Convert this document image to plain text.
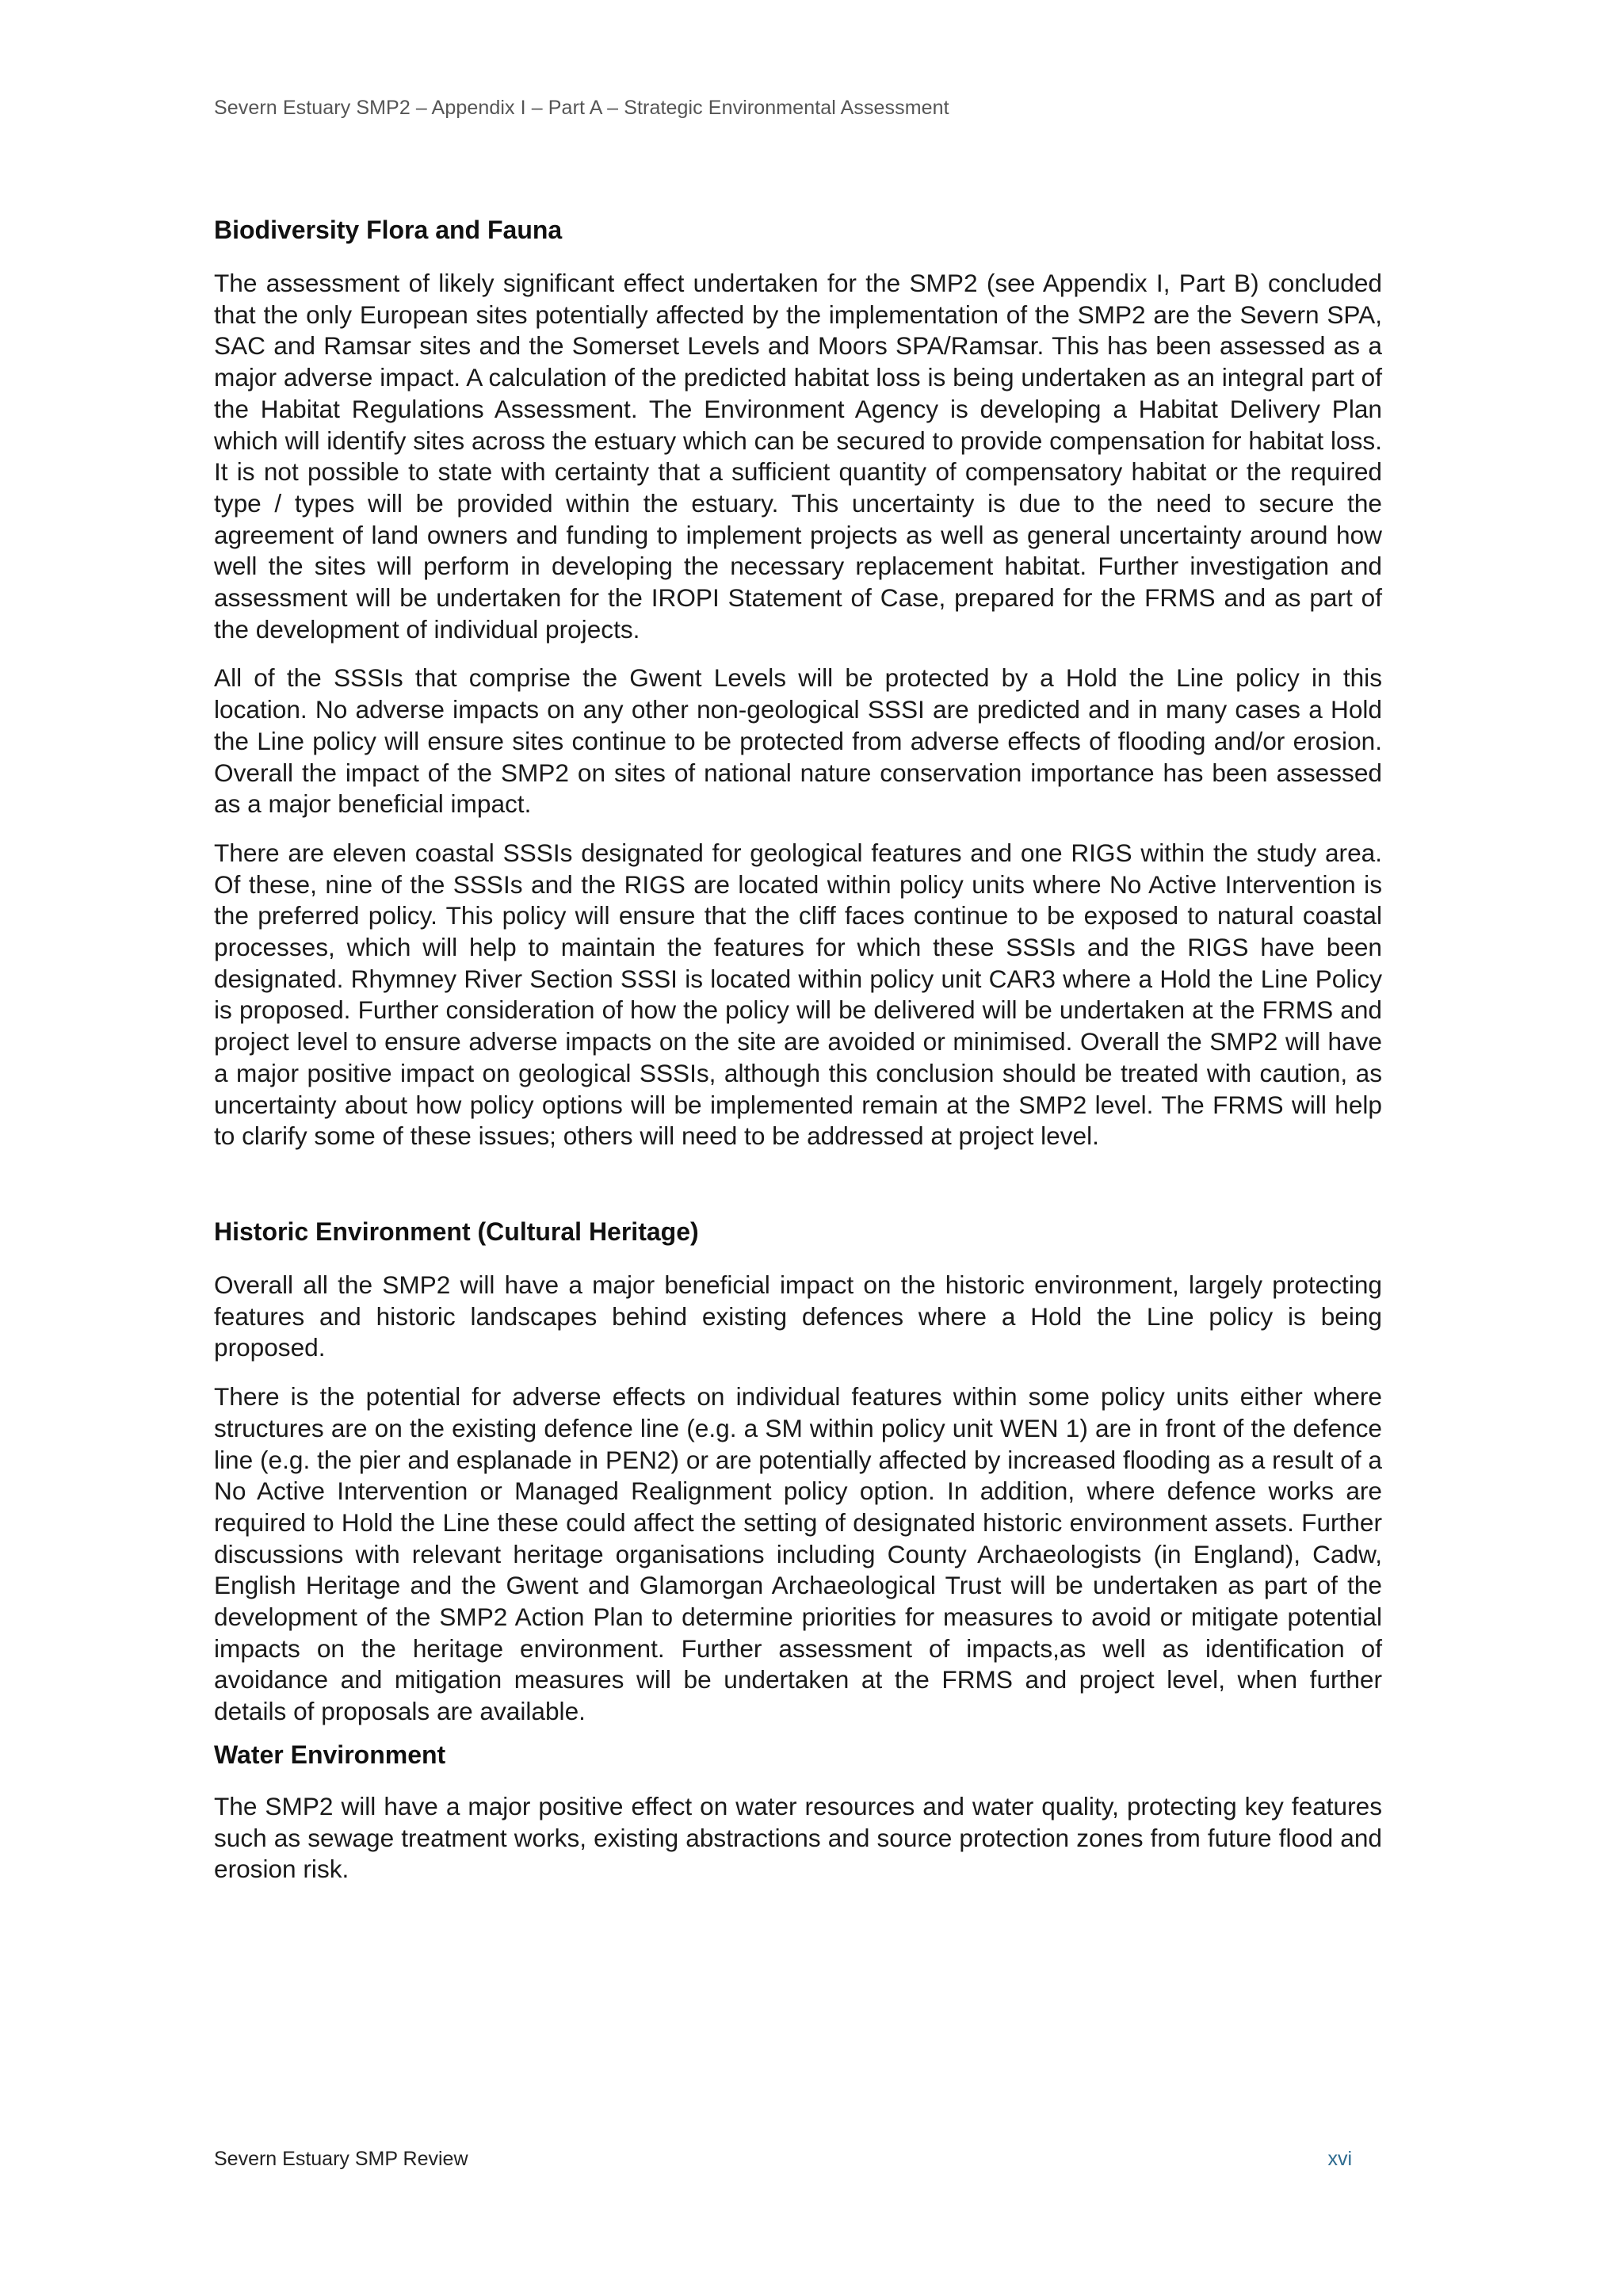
Severn Estuary SMP2 – Appendix I – Part A – Strategic Environmental Assessment
Biodiversity Flora and Fauna

The assessment of likely significant effect undertaken for the SMP2 (see Appendix I, Part B) concluded that the only European sites potentially affected by the implementation of the SMP2 are the Severn SPA, SAC and Ramsar sites and the Somerset Levels and Moors SPA/Ramsar. This has been assessed as a major adverse impact. A calculation of the predicted habitat loss is being undertaken as an integral part of the Habitat Regulations Assessment. The Environment Agency is developing a Habitat Delivery Plan which will identify sites across the estuary which can be secured to provide compensation for habitat loss. It is not possible to state with certainty that a sufficient quantity of compensatory habitat or the required type / types will be provided within the estuary. This uncertainty is due to the need to secure the agreement of land owners and funding to implement projects as well as general uncertainty around how well the sites will perform in developing the necessary replacement habitat. Further investigation and assessment will be undertaken for the IROPI Statement of Case, prepared for the FRMS and as part of the development of individual projects.

All of the SSSIs that comprise the Gwent Levels will be protected by a Hold the Line policy in this location. No adverse impacts on any other non-geological SSSI are predicted and in many cases a Hold the Line policy will ensure sites continue to be protected from adverse effects of flooding and/or erosion. Overall the impact of the SMP2 on sites of national nature conservation importance has been assessed as a major beneficial impact.

There are eleven coastal SSSIs designated for geological features and one RIGS within the study area. Of these, nine of the SSSIs and the RIGS are located within policy units where No Active Intervention is the preferred policy. This policy will ensure that the cliff faces continue to be exposed to natural coastal processes, which will help to maintain the features for which these SSSIs and the RIGS have been designated. Rhymney River Section SSSI is located within policy unit CAR3 where a Hold the Line Policy is proposed. Further consideration of how the policy will be delivered will be undertaken at the FRMS and project level to ensure adverse impacts on the site are avoided or minimised. Overall the SMP2 will have a major positive impact on geological SSSIs, although this conclusion should be treated with caution, as uncertainty about how policy options will be implemented remain at the SMP2 level. The FRMS will help to clarify some of these issues; others will need to be addressed at project level.

Historic Environment (Cultural Heritage)

Overall all the SMP2 will have a major beneficial impact on the historic environment, largely protecting features and historic landscapes behind existing defences where a Hold the Line policy is being proposed.

There is the potential for adverse effects on individual features within some policy units either where structures are on the existing defence line (e.g. a SM within policy unit WEN 1) are in front of the defence line (e.g. the pier and esplanade in PEN2) or are potentially affected by increased flooding as a result of a No Active Intervention or Managed Realignment policy option. In addition, where defence works are required to Hold the Line these could affect the setting of designated historic environment assets. Further discussions with relevant heritage organisations including County Archaeologists (in England), Cadw, English Heritage and the Gwent and Glamorgan Archaeological Trust will be undertaken as part of the development of the SMP2 Action Plan to determine priorities for measures to avoid or mitigate potential impacts on the heritage environment. Further assessment of impacts,as well as identification of avoidance and mitigation measures will be undertaken at the FRMS and project level, when further details of proposals are available.

Water Environment

The SMP2 will have a major positive effect on water resources and water quality, protecting key features such as sewage treatment works, existing abstractions and source protection zones from future flood and erosion risk.

Severn Estuary SMP Review	xvi
